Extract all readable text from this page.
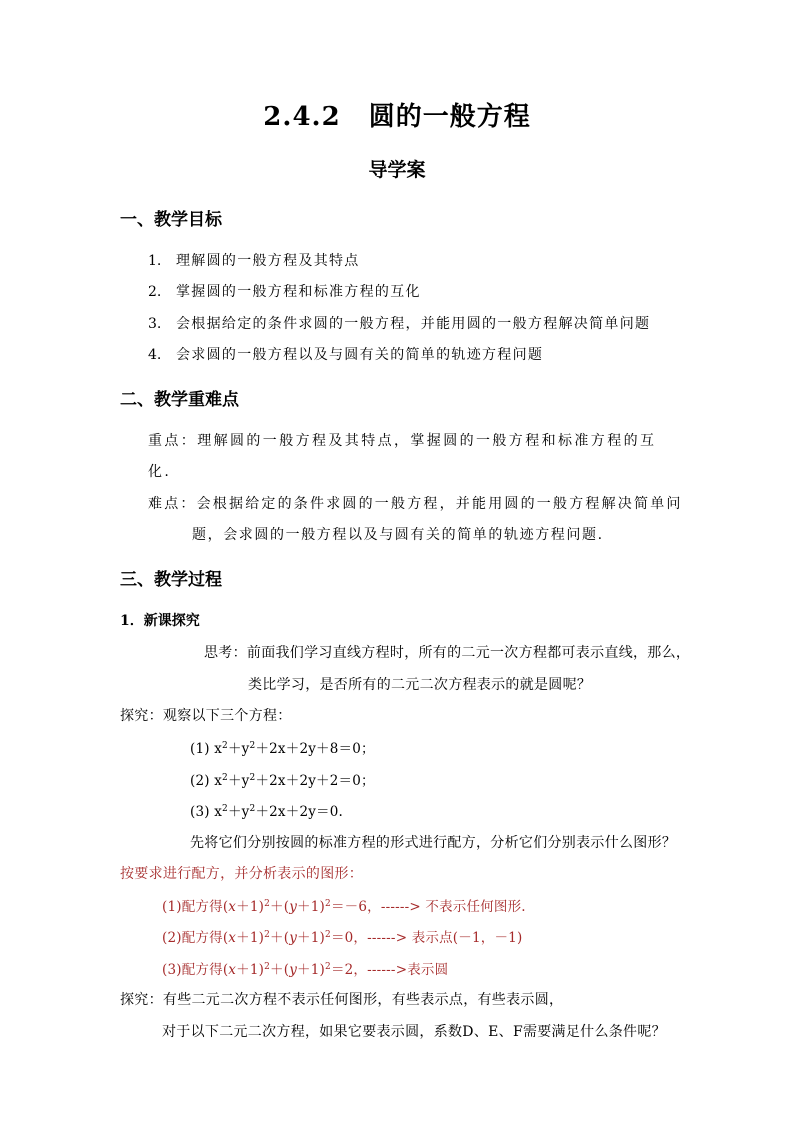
2.4.2 圆的一般方程
导学案
一、教学目标
1. 理解圆的一般方程及其特点
2. 掌握圆的一般方程和标准方程的互化
3. 会根据给定的条件求圆的一般方程，并能用圆的一般方程解决简单问题
4. 会求圆的一般方程以及与圆有关的简单的轨迹方程问题
二、教学重难点
重点：理解圆的一般方程及其特点，掌握圆的一般方程和标准方程的互
化.
难点：会根据给定的条件求圆的一般方程，并能用圆的一般方程解决简单问
题，会求圆的一般方程以及与圆有关的简单的轨迹方程问题.
三、教学过程
1．新课探究
思考：前面我们学习直线方程时，所有的二元一次方程都可表示直线，那么，
类比学习，是否所有的二元二次方程表示的就是圆呢？
探究：观察以下三个方程：
(1) $x^2+y^2+2x+2y+8=0$；
(2) $x^2+y^2+2x+2y+2=0$；
(3) $x^2+y^2+2x+2y=0$.
先将它们分别按圆的标准方程的形式进行配方，分析它们分别表示什么图形？
按要求进行配方，并分析表示的图形：
(1)配方得$(x+1)^2+(y+1)^2=-6$，------> 不表示任何图形.
(2)配方得$(x+1)^2+(y+1)^2=0$，------> 表示点(－1，－1)
(3)配方得$(x+1)^2+(y+1)^2=2$，------>表示圆
探究：有些二元二次方程不表示任何图形，有些表示点，有些表示圆，
对于以下二元二次方程，如果它要表示圆，系数D、E、F需要满足什么条件呢？
